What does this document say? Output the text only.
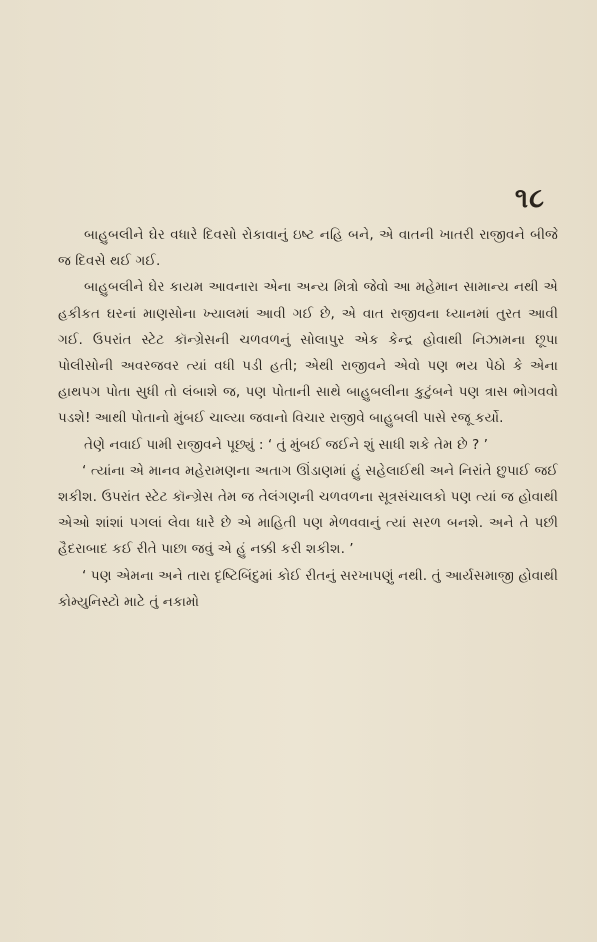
૧૮

બાહુબલીને ઘેર વધારે દિવસો રોકાવાનું ઇષ્ટ નહિ બને, એ વાતની ખાતરી રાજીવને બીજે જ દિવસે થઈ ગઈ.

બાહુબલીને ઘેર કાયમ આવનારા એના અન્ય મિત્રો જેવો આ મહેમાન સામાન્ય નથી એ હકીકત ઘરનાં માણસોના ખ્યાલમાં આવી ગઈ છે, એ વાત રાજીવના ધ્યાનમાં તુરત આવી ગઈ. ઉપરાંત સ્ટેટ કૉન્ગ્રેસની ચળવળનું સોલાપુર એક કેન્દ્ર હોવાથી નિઝામના છૂપા પોલીસોની અવરજવર ત્યાં વધી પડી હતી; એથી રાજીવને એવો પણ ભય પેઠો કે એના હાથપગ પોતા સુધી તો લંબાશે જ, પણ પોતાની સાથે બાહુબલીના કુટુંબને પણ ત્રાસ ભોગવવો પડશે! આથી પોતાનો મુંબઈ ચાલ્યા જવાનો વિચાર રાજીવે બાહુબલી પાસે રજૂ કર્યો.

તેણે નવાઈ પામી રાજીવને પૂછ્યું : ‘ તું મુંબઈ જઈને શું સાધી શકે તેમ છે ? ’

‘ ત્યાંના એ માનવ મહેરામણના અતાગ ઊંડાણમાં હું સહેલાઈથી અને નિરાંતે છુપાઈ જઈ શકીશ. ઉપરાંત સ્ટેટ કૉન્ગ્રેસ તેમ જ તેલંગણની ચળવળના સૂત્રસંચાલકો પણ ત્યાં જ હોવાથી એઓ શાંશાં પગલાં લેવા ધારે છે એ માહિતી પણ મેળવવાનું ત્યાં સરળ બનશે. અને તે પછી હૈદરાબાદ કઈ રીતે પાછા જવું એ હું નક્કી કરી શકીશ. ’

‘ પણ એમના અને તારા દૃષ્ટિબિંદુમાં કોઈ રીતનું સરખાપણું નથી. તું આર્યસમાજી હોવાથી કોમ્યુનિસ્ટો માટે તું નકામો
